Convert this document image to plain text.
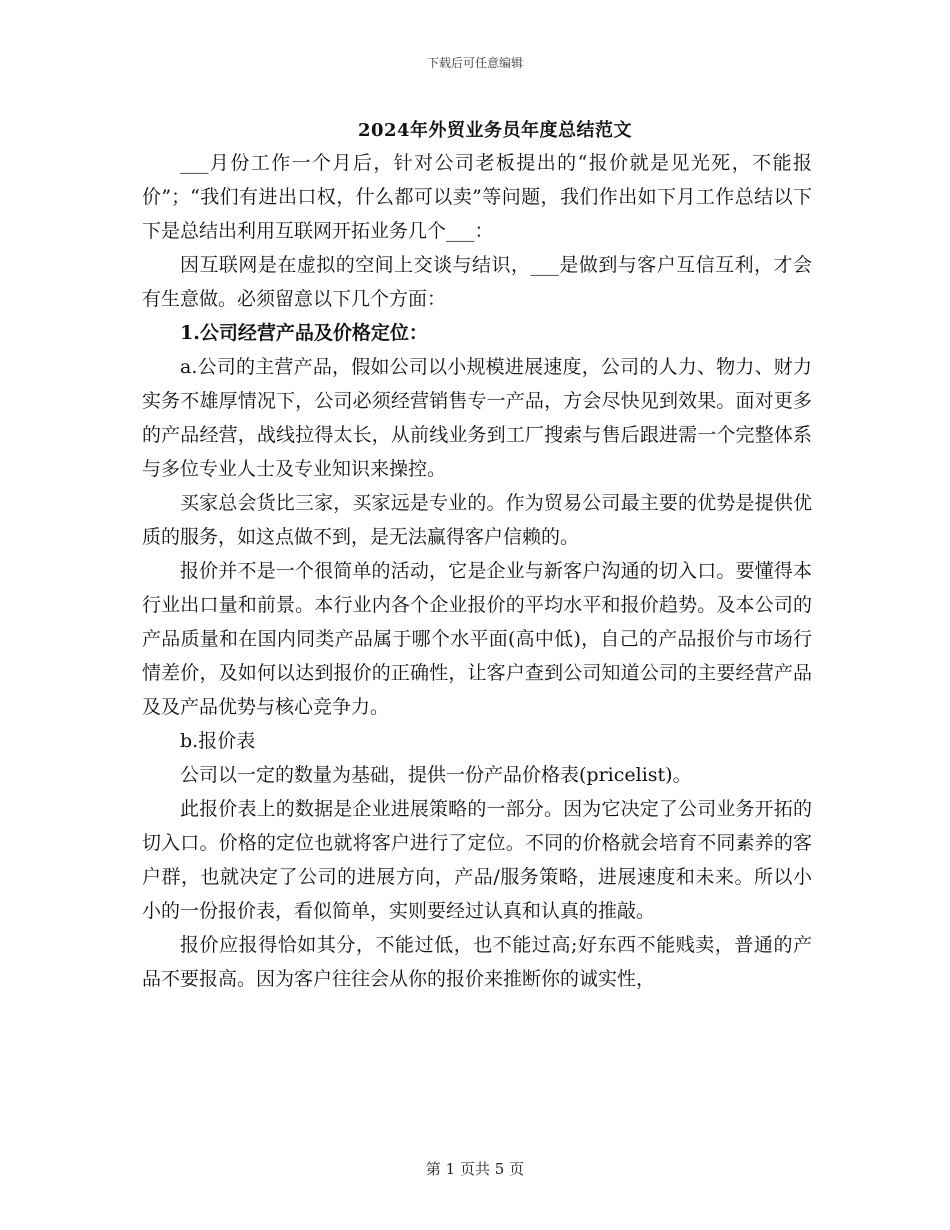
下载后可任意编辑
2024年外贸业务员年度总结范文

___月份工作一个月后，针对公司老板提出的“报价就是见光死，不能报价”；“我们有进出口权，什么都可以卖”等问题，我们作出如下月工作总结以下下是总结出利用互联网开拓业务几个___：

因互联网是在虚拟的空间上交谈与结识，___是做到与客户互信互利，才会有生意做。必须留意以下几个方面：

1.公司经营产品及价格定位：

a.公司的主营产品，假如公司以小规模进展速度，公司的人力、物力、财力实务不雄厚情况下，公司必须经营销售专一产品，方会尽快见到效果。面对更多的产品经营，战线拉得太长，从前线业务到工厂搜索与售后跟进需一个完整体系与多位专业人士及专业知识来操控。

买家总会货比三家，买家远是专业的。作为贸易公司最主要的优势是提供优质的服务，如这点做不到，是无法赢得客户信赖的。

报价并不是一个很简单的活动，它是企业与新客户沟通的切入口。要懂得本行业出口量和前景。本行业内各个企业报价的平均水平和报价趋势。及本公司的产品质量和在国内同类产品属于哪个水平面(高中低)，自己的产品报价与市场行情差价，及如何以达到报价的正确性，让客户查到公司知道公司的主要经营产品及及产品优势与核心竞争力。

b.报价表

公司以一定的数量为基础，提供一份产品价格表(pricelist)。

此报价表上的数据是企业进展策略的一部分。因为它决定了公司业务开拓的切入口。价格的定位也就将客户进行了定位。不同的价格就会培育不同素养的客户群，也就决定了公司的进展方向，产品/服务策略，进展速度和未来。所以小小的一份报价表，看似简单，实则要经过认真和认真的推敲。

报价应报得恰如其分，不能过低，也不能过高;好东西不能贱卖，普通的产品不要报高。因为客户往往会从你的报价来推断你的诚实性，

第 1 页共 5 页
